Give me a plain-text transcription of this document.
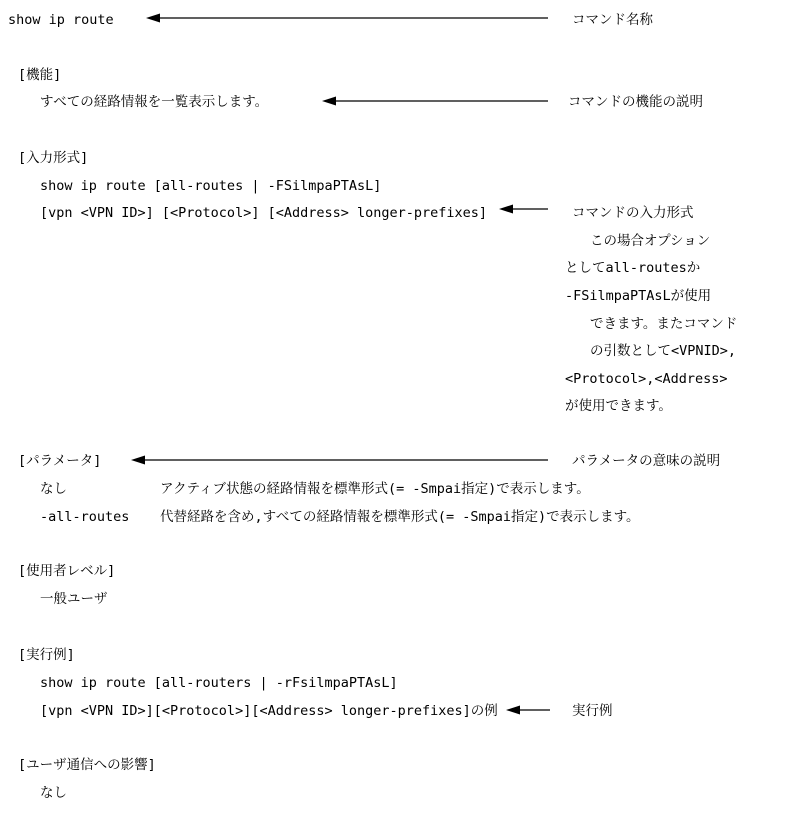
show ip route	コマンド名称
[機能]
すべての経路情報を一覧表示します。	コマンドの機能の説明
[入力形式]
show ip route [all-routes | -FSilmpaPTAsL]
[vpn <VPN ID>] [<Protocol>] [<Address> longer-prefixes]	コマンドの入力形式
この場合オプション
としてall-routesか
-FSilmpaPTAsLが使用
できます。またコマンド
の引数として<VPNID>,
<Protocol>,<Address>
が使用できます。
[パラメータ]	パラメータの意味の説明
なし	アクティブ状態の経路情報を標準形式(= -Smpai指定)で表示します。
-all-routes 代替経路を含め,すべての経路情報を標準形式(= -Smpai指定)で表示します。
[使用者レベル]
一般ユーザ
[実行例]
show ip route [all-routers | -rFsilmpaPTAsL]
[vpn <VPN ID>][<Protocol>][<Address> longer-prefixes]の例	実行例
[ユーザ通信への影響]
なし
